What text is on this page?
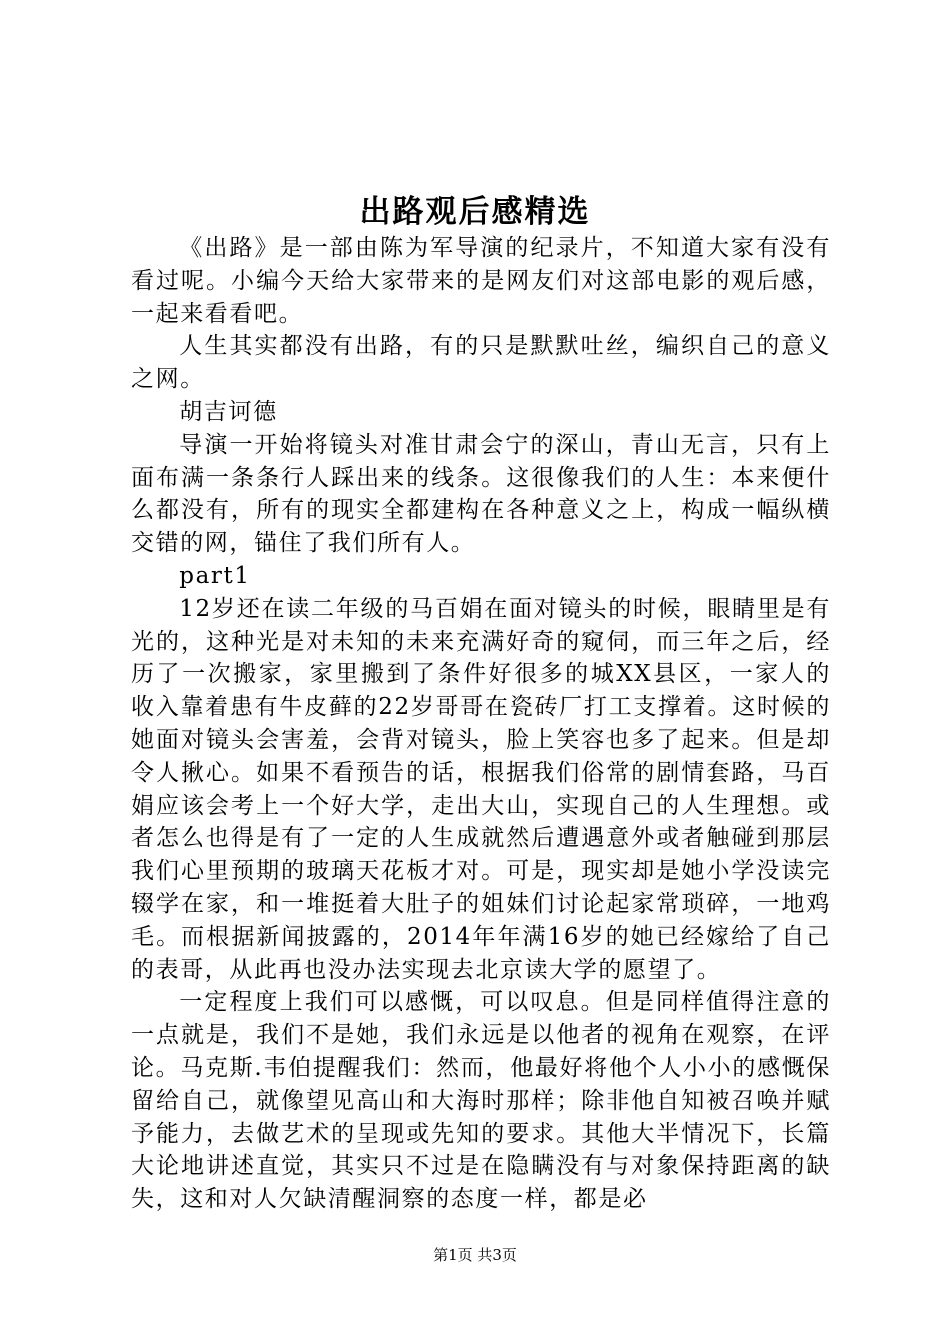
出路观后感精选

《出路》是一部由陈为军导演的纪录片，不知道大家有没有看过呢。小编今天给大家带来的是网友们对这部电影的观后感，一起来看看吧。

人生其实都没有出路，有的只是默默吐丝，编织自己的意义之网。

胡吉诃德

导演一开始将镜头对准甘肃会宁的深山，青山无言，只有上面布满一条条行人踩出来的线条。这很像我们的人生：本来便什么都没有，所有的现实全都建构在各种意义之上，构成一幅纵横交错的网，锚住了我们所有人。

part1

12岁还在读二年级的马百娟在面对镜头的时候，眼睛里是有光的，这种光是对未知的未来充满好奇的窥伺，而三年之后，经历了一次搬家，家里搬到了条件好很多的城XX县区，一家人的收入靠着患有牛皮藓的22岁哥哥在瓷砖厂打工支撑着。这时候的她面对镜头会害羞，会背对镜头，脸上笑容也多了起来。但是却令人揪心。如果不看预告的话，根据我们俗常的剧情套路，马百娟应该会考上一个好大学，走出大山，实现自己的人生理想。或者怎么也得是有了一定的人生成就然后遭遇意外或者触碰到那层我们心里预期的玻璃天花板才对。可是，现实却是她小学没读完辍学在家，和一堆挺着大肚子的姐妹们讨论起家常琐碎，一地鸡毛。而根据新闻披露的，2014年年满16岁的她已经嫁给了自己的表哥，从此再也没办法实现去北京读大学的愿望了。

一定程度上我们可以感慨，可以叹息。但是同样值得注意的一点就是，我们不是她，我们永远是以他者的视角在观察，在评论。马克斯.韦伯提醒我们：然而，他最好将他个人小小的感慨保留给自己，就像望见高山和大海时那样；除非他自知被召唤并赋予能力，去做艺术的呈现或先知的要求。其他大半情况下，长篇大论地讲述直觉，其实只不过是在隐瞒没有与对象保持距离的缺失，这和对人欠缺清醒洞察的态度一样，都是必

第1页 共3页
